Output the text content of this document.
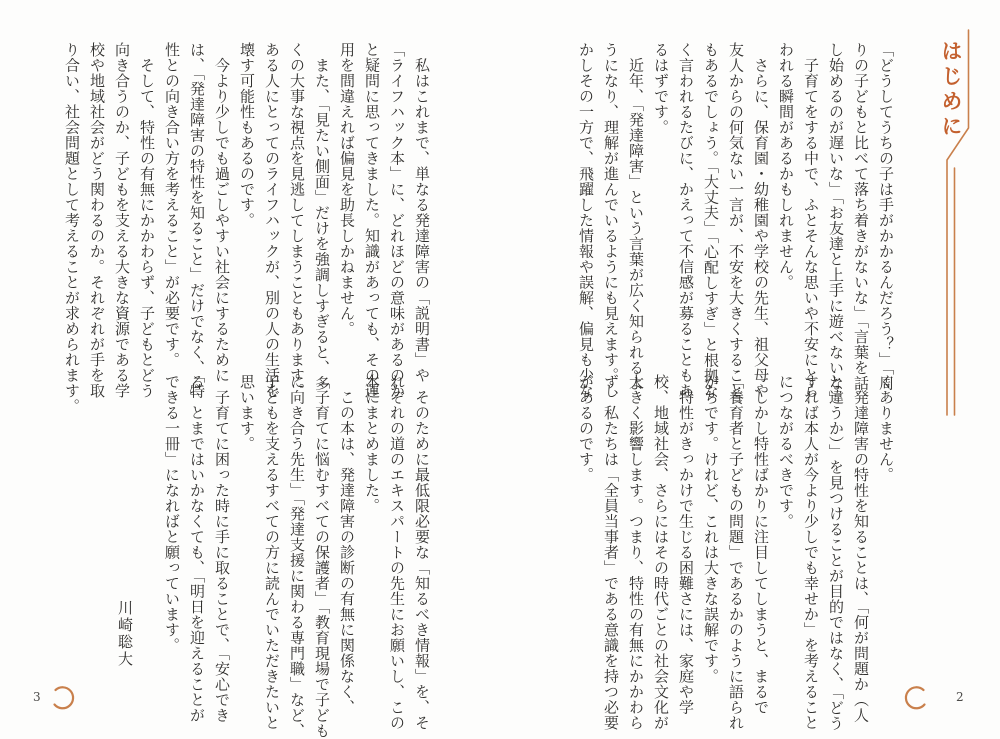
はじめに
「どうしてうちの子は手がかかるんだろう？」「周
りの子どもと比べて落ち着きがないな」「言葉を話
し始めるのが遅いな」「お友達と上手に遊べないな」
　子育てをする中で、ふとそんな思いや不安にとら
われる瞬間があるかもしれません。
　さらに、保育園・幼稚園や学校の先生、祖父母や
友人からの何気ない一言が、不安を大きくすること
もあるでしょう。「大丈夫」「心配しすぎ」と根拠な
く言われるたびに、かえって不信感が募ることもあ
るはずです。
　近年、「発達障害」という言葉が広く知られるよ
うになり、理解が進んでいるようにも見えます。し
かしその一方で、飛躍した情報や誤解、偏見も少な
くありません。
　発達障害の特性を知ることは、「何が問題か（人
と違うか）」を見つけることが目的ではなく、「どう
すれば本人が今より少しでも幸せか」を考えること
につながるべきです。
　しかし特性ばかりに注目してしまうと、まるで
「養育者と子どもの問題」であるかのように語られ
がちです。けれど、これは大きな誤解です。
　特性がきっかけで生じる困難さには、家庭や学
校、地域社会、さらにはその時代ごとの社会文化が
大きく影響します。つまり、特性の有無にかかわら
ず、私たちは「全員当事者」である意識を持つ必要
があるのです。
　私はこれまで、単なる発達障害の「説明書」や
「ライフハック本」に、どれほどの意味があるのか
と疑問に思ってきました。知識があっても、その運
用を間違えれば偏見を助長しかねません。
　また、「見たい側面」だけを強調しすぎると、多
くの大事な視点を見逃してしまうこともあります。
ある人にとってのライフハックが、別の人の生活を
壊す可能性もあるのです。
　今より少しでも過ごしやすい社会にするために
は、「発達障害の特性を知ること」だけでなく、「特
性との向き合い方を考えること」が必要です。
　そして、特性の有無にかかわらず、子どもとどう
向き合うのか、子どもを支える大きな資源である学
校や地域社会がどう関わるのか。それぞれが手を取
り合い、社会問題として考えることが求められます。
　そのために最低限必要な「知るべき情報」を、そ
れぞれの道のエキスパートの先生にお願いし、この
本にまとめました。
　この本は、発達障害の診断の有無に関係なく、
「子育てに悩むすべての保護者」「教育現場で子ども
に向き合う先生」「発達支援に関わる専門職」など、
子どもを支えるすべての方に読んでいただきたいと
思います。
　子育てに困った時に手に取ることで、「安心でき
る」とまではいかなくても、「明日を迎えることが
できる一冊」になればと願っています。
川崎聡大
3	2
